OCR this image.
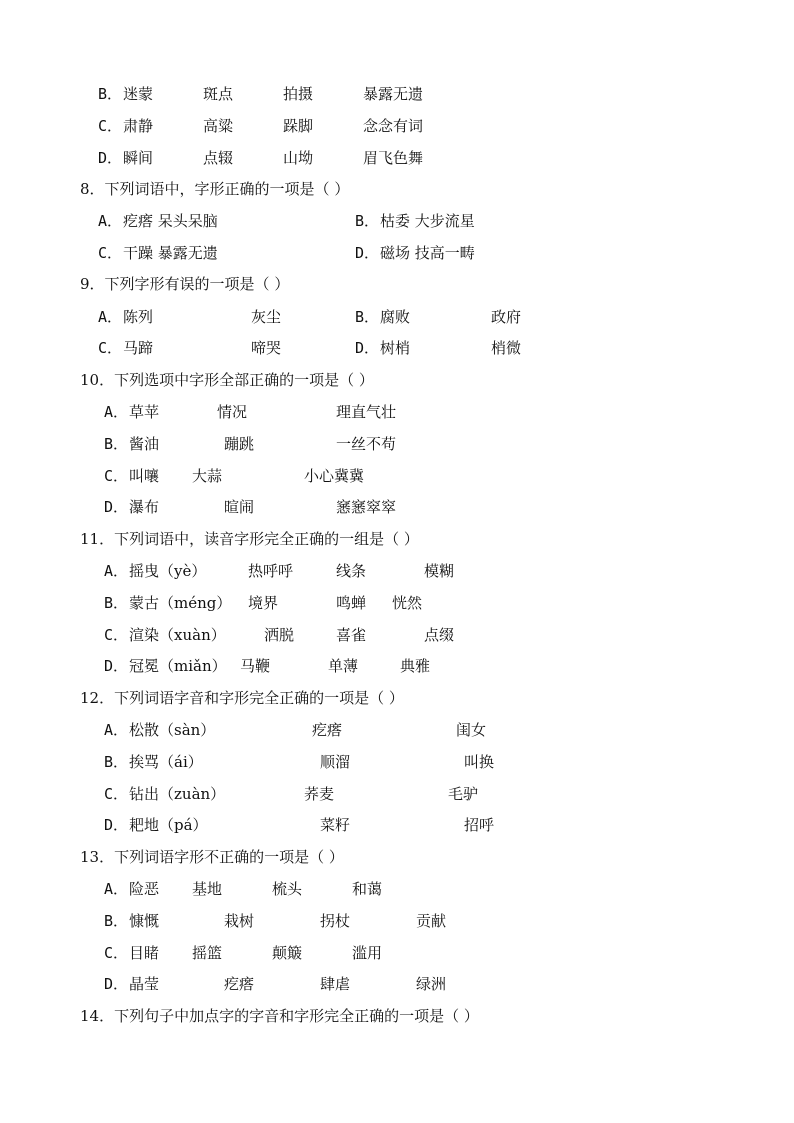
B． 迷蒙	斑点	拍摄	暴露无遗
C． 肃静	高粱	跺脚	念念有词
D． 瞬间	点辍	山坳	眉飞色舞
8．下列词语中，字形正确的一项是（ ）
A． 疙瘩 呆头呆脑	B． 枯委 大步流星
C． 干躁 暴露无遗	D． 磁场 技高一畴
9．下列字形有误的一项是（ ）
A． 陈列	灰尘	B． 腐败	政府
C． 马蹄	啼哭	D． 树梢	梢微
10．下列选项中字形全部正确的一项是（ ）
A． 草苹	情况	理直气壮
B． 酱油	蹦跳	一丝不苟
C． 叫嚷 大蒜	小心冀冀
D． 瀑布	暄闹	窸窸窣窣
11．下列词语中，读音字形完全正确的一组是（ ）
A． 摇曳（yè）	热呼呼	线条	模糊
B． 蒙古（méng） 境界	鸣蝉 恍然
C． 渲染（xuàn）	洒脱	喜雀	点缀
D． 冠冕（miǎn） 马鞭	单薄	典雅
12．下列词语字音和字形完全正确的一项是（ ）
A． 松散（sàn）	疙瘩	闺女
B． 挨骂（ái）	顺溜	叫换
C． 钻出（zuàn）	荞麦	毛驴
D． 耙地（pá）	菜籽	招呼
13．下列词语字形不正确的一项是（ ）
A． 险恶 基地	梳头	和蔼
B． 慷慨	栽树	拐杖	贡献
C． 目睹 摇篮	颠簸	滥用
D． 晶莹	疙瘩	肆虐	绿洲
14．下列句子中加点字的字音和字形完全正确的一项是（ ）
